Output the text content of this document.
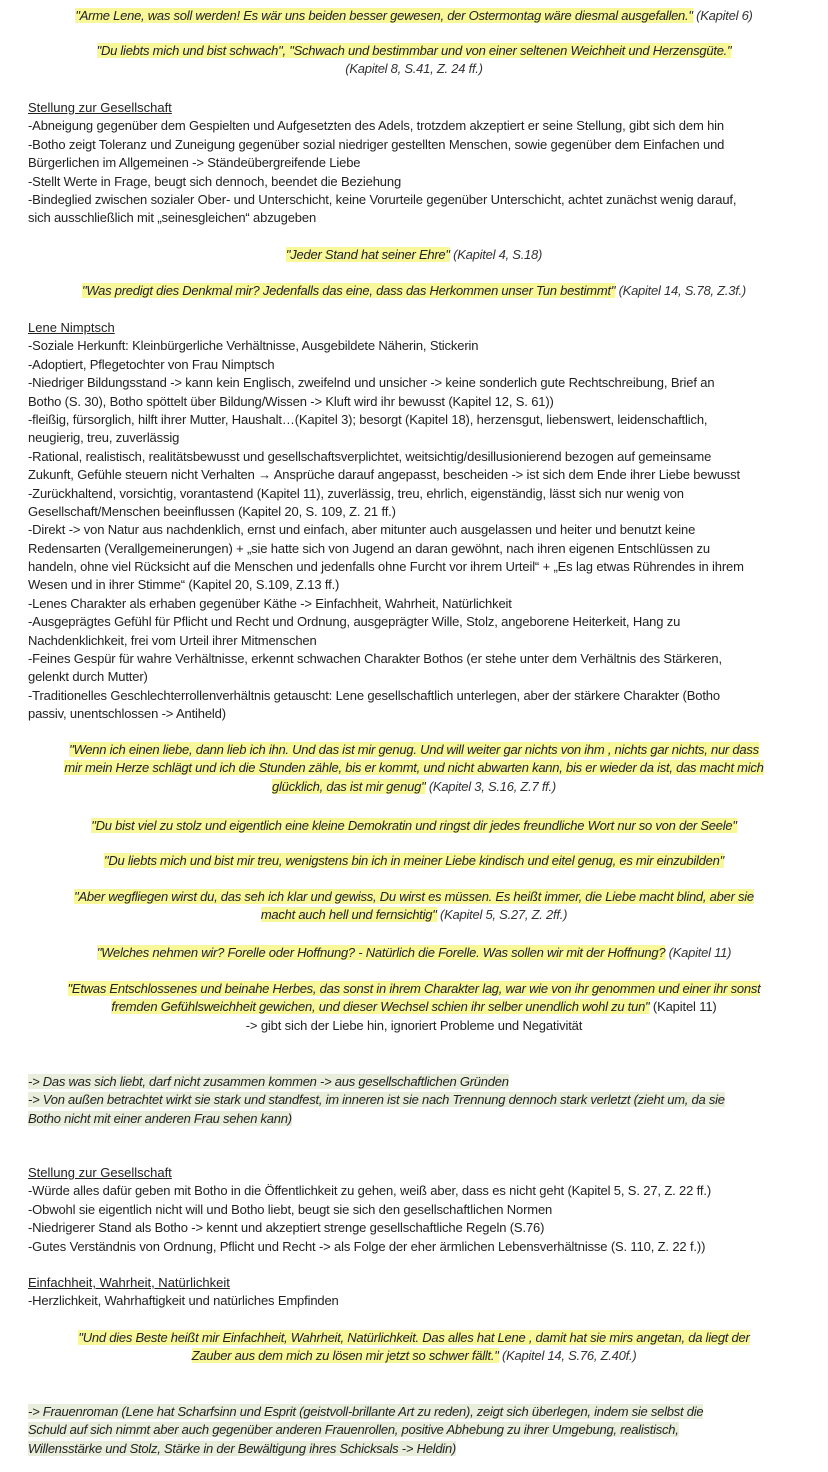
"Arme Lene, was soll werden! Es wär uns beiden besser gewesen, der Ostermontag wäre diesmal ausgefallen." (Kapitel 6)
"Du liebts mich und bist schwach", "Schwach und bestimmbar und von einer seltenen Weichheit und Herzensgüte."
(Kapitel 8, S.41, Z. 24 ff.)
Stellung zur Gesellschaft
-Abneigung gegenüber dem Gespielten und Aufgesetzten des Adels, trotzdem akzeptiert er seine Stellung, gibt sich dem hin
-Botho zeigt Toleranz und Zuneigung gegenüber sozial niedriger gestellten Menschen, sowie gegenüber dem Einfachen und
Bürgerlichen im Allgemeinen -> Ständeübergreifende Liebe
-Stellt Werte in Frage, beugt sich dennoch, beendet die Beziehung
-Bindeglied zwischen sozialer Ober- und Unterschicht, keine Vorurteile gegenüber Unterschicht, achtet zunächst wenig darauf,
sich ausschließlich mit „seinesgleichen“ abzugeben
"Jeder Stand hat seiner Ehre" (Kapitel 4, S.18)
"Was predigt dies Denkmal mir? Jedenfalls das eine, dass das Herkommen unser Tun bestimmt" (Kapitel 14, S.78, Z.3f.)
Lene Nimptsch
-Soziale Herkunft: Kleinbürgerliche Verhältnisse, Ausgebildete Näherin, Stickerin
-Adoptiert, Pflegetochter von Frau Nimptsch
-Niedriger Bildungsstand -> kann kein Englisch, zweifelnd und unsicher -> keine sonderlich gute Rechtschreibung, Brief an
Botho (S. 30), Botho spöttelt über Bildung/Wissen -> Kluft wird ihr bewusst (Kapitel 12, S. 61))
-fleißig, fürsorglich, hilft ihrer Mutter, Haushalt…(Kapitel 3); besorgt (Kapitel 18), herzensgut, liebenswert, leidenschaftlich,
neugierig, treu, zuverlässig
-Rational, realistisch, realitätsbewusst und gesellschaftsverplichtet, weitsichtig/desillusionierend bezogen auf gemeinsame
Zukunft, Gefühle steuern nicht Verhalten → Ansprüche darauf angepasst, bescheiden -> ist sich dem Ende ihrer Liebe bewusst
-Zurückhaltend, vorsichtig, vorantastend (Kapitel 11), zuverlässig, treu, ehrlich, eigenständig, lässt sich nur wenig von
Gesellschaft/Menschen beeinflussen (Kapitel 20, S. 109, Z. 21 ff.)
-Direkt -> von Natur aus nachdenklich, ernst und einfach, aber mitunter auch ausgelassen und heiter und benutzt keine
Redensarten (Verallgemeinerungen) + „sie hatte sich von Jugend an daran gewöhnt, nach ihren eigenen Entschlüssen zu
handeln, ohne viel Rücksicht auf die Menschen und jedenfalls ohne Furcht vor ihrem Urteil“ + „Es lag etwas Rührendes in ihrem
Wesen und in ihrer Stimme“ (Kapitel 20, S.109, Z.13 ff.)
-Lenes Charakter als erhaben gegenüber Käthe -> Einfachheit, Wahrheit, Natürlichkeit
-Ausgeprägtes Gefühl für Pflicht und Recht und Ordnung, ausgeprägter Wille, Stolz, angeborene Heiterkeit, Hang zu
Nachdenklichkeit, frei vom Urteil ihrer Mitmenschen
-Feines Gespür für wahre Verhältnisse, erkennt schwachen Charakter Bothos (er stehe unter dem Verhältnis des Stärkeren,
gelenkt durch Mutter)
-Traditionelles Geschlechterrollenverhältnis getauscht: Lene gesellschaftlich unterlegen, aber der stärkere Charakter (Botho
passiv, unentschlossen -> Antiheld)
"Wenn ich einen liebe, dann lieb ich ihn. Und das ist mir genug. Und will weiter gar nichts von ihm , nichts gar nichts, nur dass
mir mein Herze schlägt und ich die Stunden zähle, bis er kommt, und nicht abwarten kann, bis er wieder da ist, das macht mich
glücklich, das ist mir genug" (Kapitel 3, S.16, Z.7 ff.)
"Du bist viel zu stolz und eigentlich eine kleine Demokratin und ringst dir jedes freundliche Wort nur so von der Seele"
"Du liebts mich und bist mir treu, wenigstens bin ich in meiner Liebe kindisch und eitel genug, es mir einzubilden"
"Aber wegfliegen wirst du, das seh ich klar und gewiss, Du wirst es müssen. Es heißt immer, die Liebe macht blind, aber sie
macht auch hell und fernsichtig" (Kapitel 5, S.27, Z. 2ff.)
"Welches nehmen wir? Forelle oder Hoffnung? - Natürlich die Forelle. Was sollen wir mit der Hoffnung? (Kapitel 11)
"Etwas Entschlossenes und beinahe Herbes, das sonst in ihrem Charakter lag, war wie von ihr genommen und einer ihr sonst
fremden Gefühlsweichheit gewichen, und dieser Wechsel schien ihr selber unendlich wohl zu tun" (Kapitel 11)
-> gibt sich der Liebe hin, ignoriert Probleme und Negativität
-> Das was sich liebt, darf nicht zusammen kommen -> aus gesellschaftlichen Gründen
-> Von außen betrachtet wirkt sie stark und standfest, im inneren ist sie nach Trennung dennoch stark verletzt (zieht um, da sie
Botho nicht mit einer anderen Frau sehen kann)
Stellung zur Gesellschaft
-Würde alles dafür geben mit Botho in die Öffentlichkeit zu gehen, weiß aber, dass es nicht geht (Kapitel 5, S. 27, Z. 22 ff.)
-Obwohl sie eigentlich nicht will und Botho liebt, beugt sie sich den gesellschaftlichen Normen
-Niedrigerer Stand als Botho -> kennt und akzeptiert strenge gesellschaftliche Regeln (S.76)
-Gutes Verständnis von Ordnung, Pflicht und Recht -> als Folge der eher ärmlichen Lebensverhältnisse (S. 110, Z. 22 f.))
Einfachheit, Wahrheit, Natürlichkeit
-Herzlichkeit, Wahrhaftigkeit und natürliches Empfinden
"Und dies Beste heißt mir Einfachheit, Wahrheit, Natürlichkeit. Das alles hat Lene , damit hat sie mirs angetan, da liegt der
Zauber aus dem mich zu lösen mir jetzt so schwer fällt." (Kapitel 14, S.76, Z.40f.)
-> Frauenroman (Lene hat Scharfsinn und Esprit (geistvoll-brillante Art zu reden), zeigt sich überlegen, indem sie selbst die
Schuld auf sich nimmt aber auch gegenüber anderen Frauenrollen, positive Abhebung zu ihrer Umgebung, realistisch,
Willensstärke und Stolz, Stärke in der Bewältigung ihres Schicksals -> Heldin)
